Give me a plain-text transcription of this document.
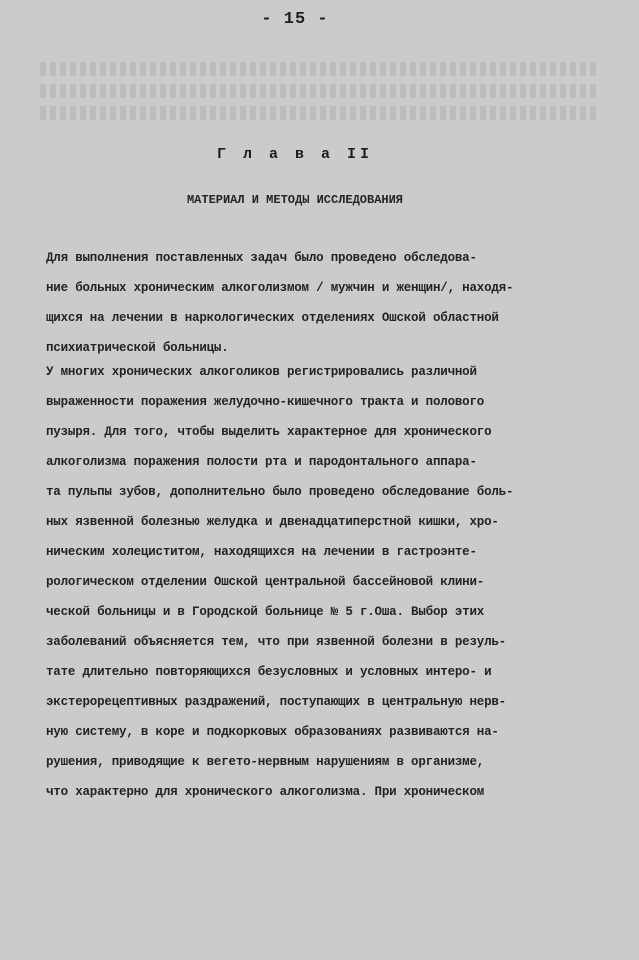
- 15 -
Г л а в а II
МАТЕРИАЛ И МЕТОДЫ ИССЛЕДОВАНИЯ
Для выполнения поставленных задач было проведено обследова-
ние больных хроническим алкоголизмом / мужчин и женщин/, находя-
щихся на лечении в наркологических отделениях Ошской областной
психиатрической больницы.
У многих хронических алкоголиков регистрировались различной
выраженности поражения желудочно-кишечного тракта и полового
пузыря. Для того, чтобы выделить характерное для хронического
алкоголизма поражения полости рта и пародонтального аппара-
та пульпы зубов, дополнительно было проведено обследование боль-
ных язвенной болезнью желудка и двенадцатиперстной кишки, хро-
ническим холециститом, находящихся на лечении в гастроэнте-
рологическом отделении Ошской центральной бассейновой клини-
ческой больницы и в Городской больнице № 5 г.Оша. Выбор этих
заболеваний объясняется тем, что при язвенной болезни в резуль-
тате длительно повторяющихся безусловных и условных интеро- и
экстерорецептивных раздражений, поступающих в центральную нерв-
ную систему, в коре и подкорковых образованиях развиваются на-
рушения, приводящие к вегето-нервным нарушениям в организме,
что характерно для хронического алкоголизма. При хроническом
